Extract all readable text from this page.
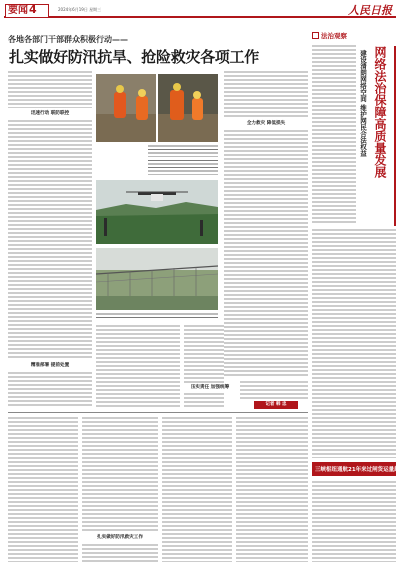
要闻 4	2024年6月19日 星期三	人民日报
各地各部门干部群众积极行动——
扎实做好防汛抗旱、抢险救灾各项工作
迅速行动 联防联控
精准部署 提前处置
全力救灾 降低损失
压实责任 加强统筹
记者 韩 忠
扎实做好防汛救灾工作
法治观察
建设清朗网络空间 维护网民合法权益 网络法治保障高质量发展
三峡枢纽通航21年来过闸货运量超21亿吨
